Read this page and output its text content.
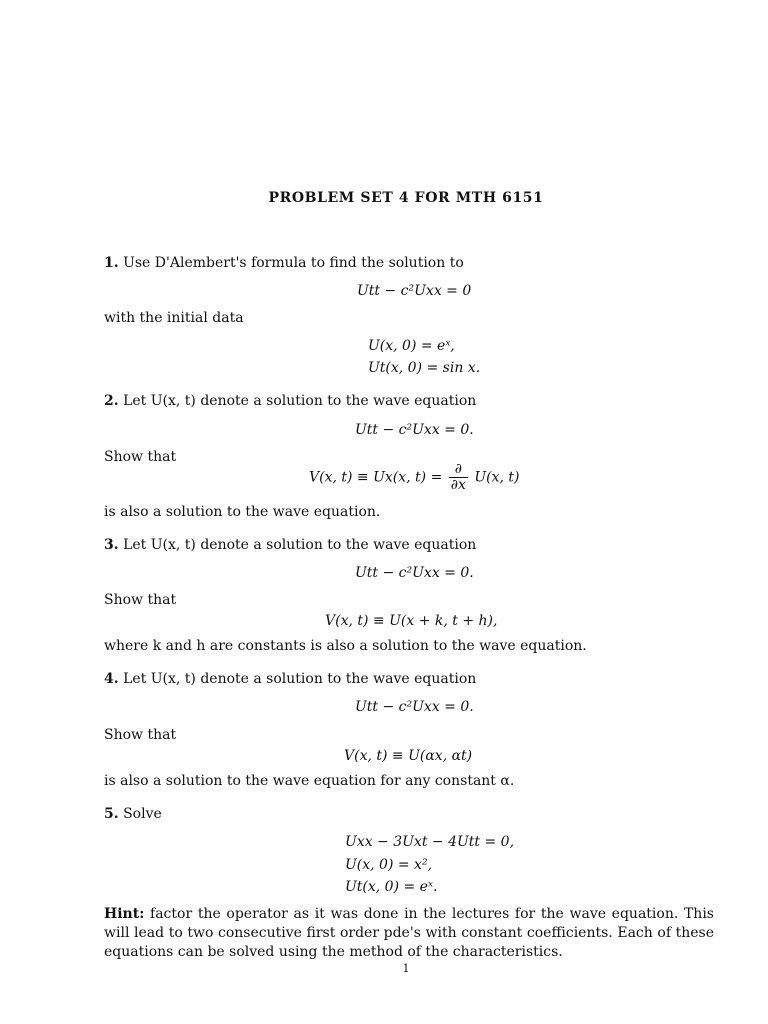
PROBLEM SET 4 FOR MTH 6151
1. Use D'Alembert's formula to find the solution to
Utt − c²Uxx = 0
with the initial data
U(x, 0) = eˣ,
Ut(x, 0) = sin x.
2. Let U(x, t) denote a solution to the wave equation
Utt − c²Uxx = 0.
Show that
V(x, t) ≡ Ux(x, $t) = \frac{\partial}{\partial x} U(x$, t)
is also a solution to the wave equation.
3. Let U(x, t) denote a solution to the wave equation
Utt − c²Uxx = 0.
Show that
V(x, t) ≡ U(x + k, t + h),
where k and h are constants is also a solution to the wave equation.
4. Let U(x, t) denote a solution to the wave equation
Utt − c²Uxx = 0.
Show that
V(x, t) ≡ U(αx, αt)
is also a solution to the wave equation for any constant α.
5. Solve
Uxx − 3Uxt − 4Utt = 0,
U(x, 0) = x²,
Ut(x, 0) = eˣ.
Hint: factor the operator as it was done in the lectures for the wave equation. This will lead to two consecutive first order pde's with constant coefficients. Each of these equations can be solved using the method of the characteristics.
1
